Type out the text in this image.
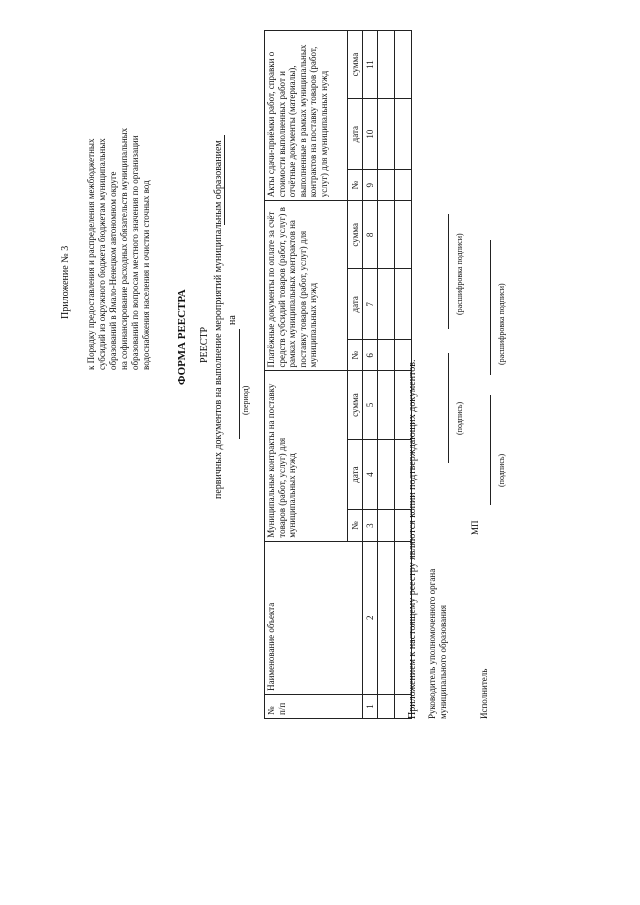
Приложение № 3 к Порядку предоставления и распределения межбюджетных субсидий из окружного бюджета бюджетам муниципальных образований в Ямало-Ненецком автономном округе на софинансирование расходных обязательств муниципальных образований по вопросам местного значения по организации водоснабжения населения и очистки сточных вод ФОРМА РЕЕСТРА РЕЕСТР первичных документов на выполнение мероприятий муниципальным образованием на
(период)
№ п/п	Наименование объекта	Муниципальные контракты на поставку товаров (работ, услуг) для муниципальных нужд			Платёжные документы по оплате за счёт средств субсидий товаров (работ, услуг) в рамках муниципальных контрактов на поставку товаров (работ, услуг) для муниципальных нужд			Акты сдачи-приёмки работ, справки о стоимости выполненных работ и отчётные документы (материалы), выполненные в рамках муниципальных контрактов на поставку товаров (работ, услуг) для муниципальных нужд		
		№	дата	сумма	№	дата	сумма	№	дата	сумма
1	2	3	4	5	6	7	8	9	10	11

Приложением к настоящему реестру являются копии подтверждающих документов. Руководитель уполномоченного органа муниципального образования
(подпись)
(расшифровка подписи)
МП
Исполнитель
(подпись)
(расшифровка подписи)
